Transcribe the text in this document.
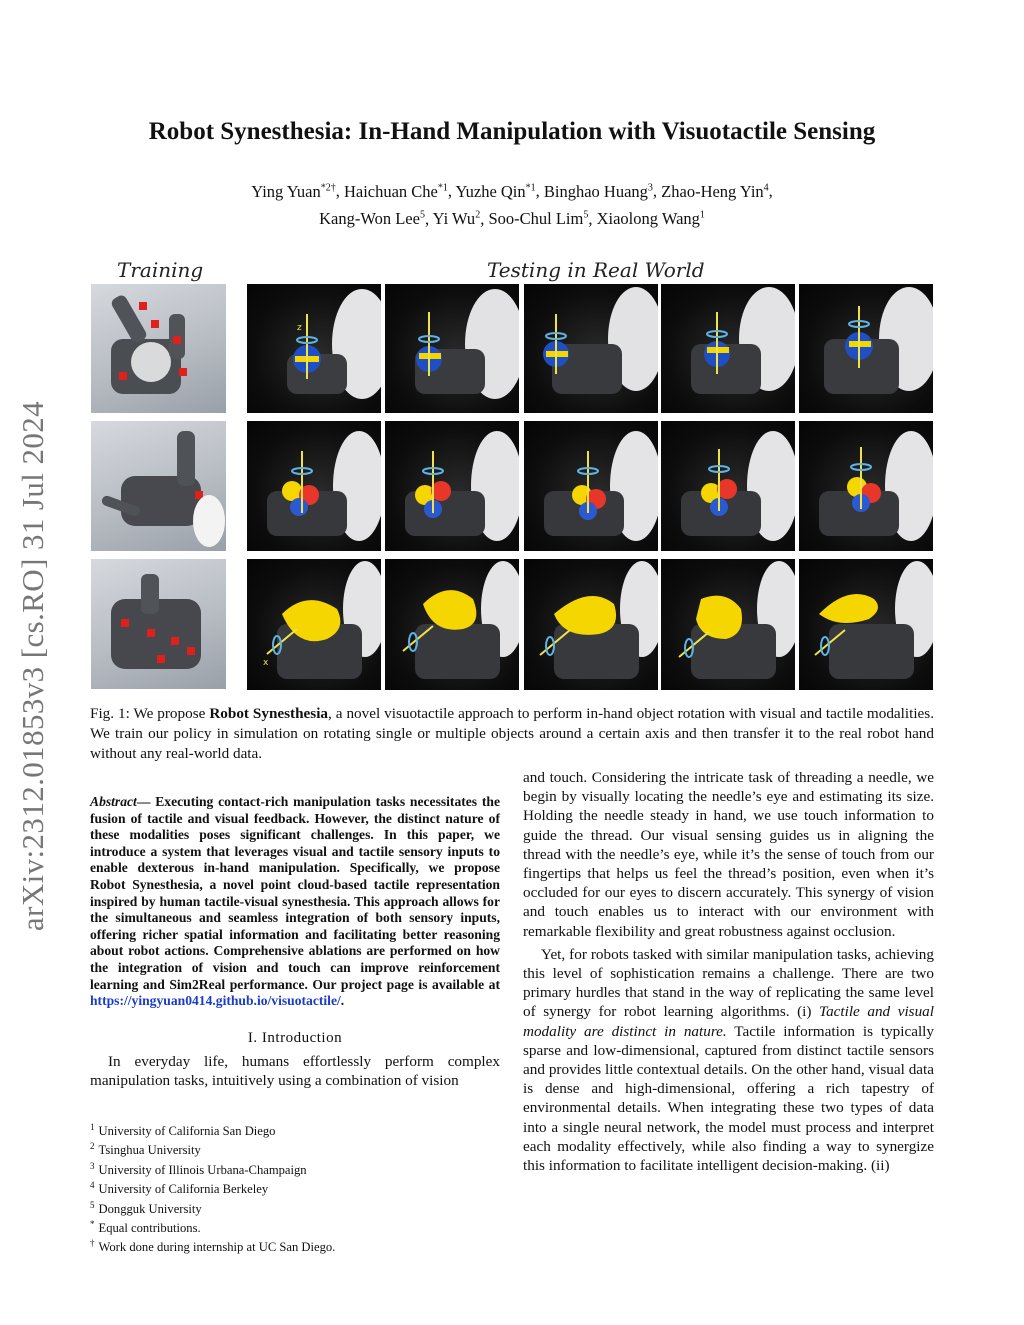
Robot Synesthesia: In-Hand Manipulation with Visuotactile Sensing
Ying Yuan$^{*2\dagger}$, Haichuan Che$^{*1}$, Yuzhe Qin$^{*1}$, Binghao Huang$^3$, Zhao-Heng Yin$^4$,
Kang-Won Lee$^5$, Yi Wu$^2$, Soo-Chul Lim$^5$, Xiaolong Wang$^1$
arXiv:2312.01853v3 [cs.RO] 31 Jul 2024
Training	Testing in Real World
z
x
Fig. 1: We propose Robot Synesthesia, a novel visuotactile approach to perform in-hand object rotation with visual and tactile modalities. We train our policy in simulation on rotating single or multiple objects around a certain axis and then transfer it to the real robot hand without any real-world data.
Abstract— Executing contact-rich manipulation tasks necessitates the fusion of tactile and visual feedback. However, the distinct nature of these modalities poses significant challenges. In this paper, we introduce a system that leverages visual and tactile sensory inputs to enable dexterous in-hand manipulation. Specifically, we propose Robot Synesthesia, a novel point cloud-based tactile representation inspired by human tactile-visual synesthesia. This approach allows for the simultaneous and seamless integration of both sensory inputs, offering richer spatial information and facilitating better reasoning about robot actions. Comprehensive ablations are performed on how the integration of vision and touch can improve reinforcement learning and Sim2Real performance. Our project page is available at https://yingyuan0414.github.io/visuotactile/.
I. Introduction

In everyday life, humans effortlessly perform complex manipulation tasks, intuitively using a combination of vision

$^1$ University of California San Diego
$^2$ Tsinghua University
$^3$ University of Illinois Urbana-Champaign
$^4$ University of California Berkeley
$^5$ Dongguk University
* Equal contributions.
† Work done during internship at UC San Diego.

and touch. Considering the intricate task of threading a needle, we begin by visually locating the needle’s eye and estimating its size. Holding the needle steady in hand, we use touch information to guide the thread. Our visual sensing guides us in aligning the thread with the needle’s eye, while it’s the sense of touch from our fingertips that helps us feel the thread’s position, even when it’s occluded for our eyes to discern accurately. This synergy of vision and touch enables us to interact with our environment with remarkable flexibility and great robustness against occlusion.

Yet, for robots tasked with similar manipulation tasks, achieving this level of sophistication remains a challenge. There are two primary hurdles that stand in the way of replicating the same level of synergy for robot learning algorithms. (i) Tactile and visual modality are distinct in nature. Tactile information is typically sparse and low-dimensional, captured from distinct tactile sensors and provides little contextual details. On the other hand, visual data is dense and high-dimensional, offering a rich tapestry of environmental details. When integrating these two types of data into a single neural network, the model must process and interpret each modality effectively, while also finding a way to synergize this information to facilitate intelligent decision-making. (ii)
